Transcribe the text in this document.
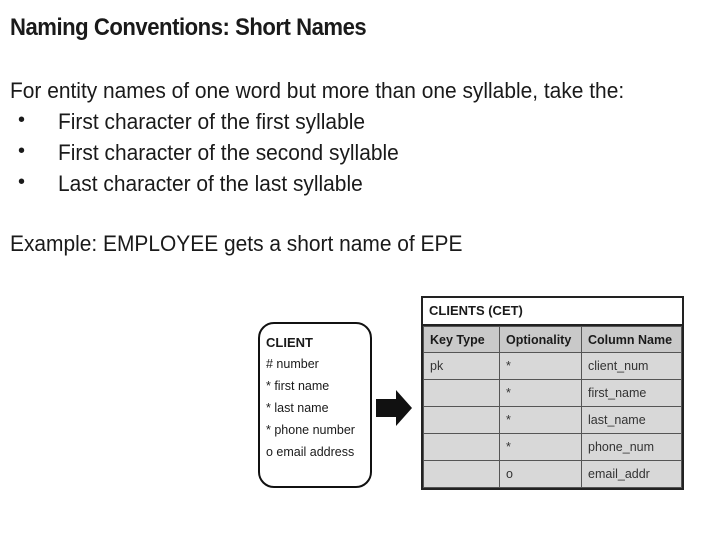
Naming Conventions: Short Names
For entity names of one word but more than one syllable, take the:
• First character of the first syllable
• First character of the second syllable
• Last character of the last syllable
Example: EMPLOYEE gets a short name of EPE
CLIENT
# number
* first name
* last name
* phone number
o email address
CLIENTS (CET)
Key Type	Optionality	Column Name
pk	*	client_num
	*	first_name
	*	last_name
	*	phone_num
	o	email_addr
